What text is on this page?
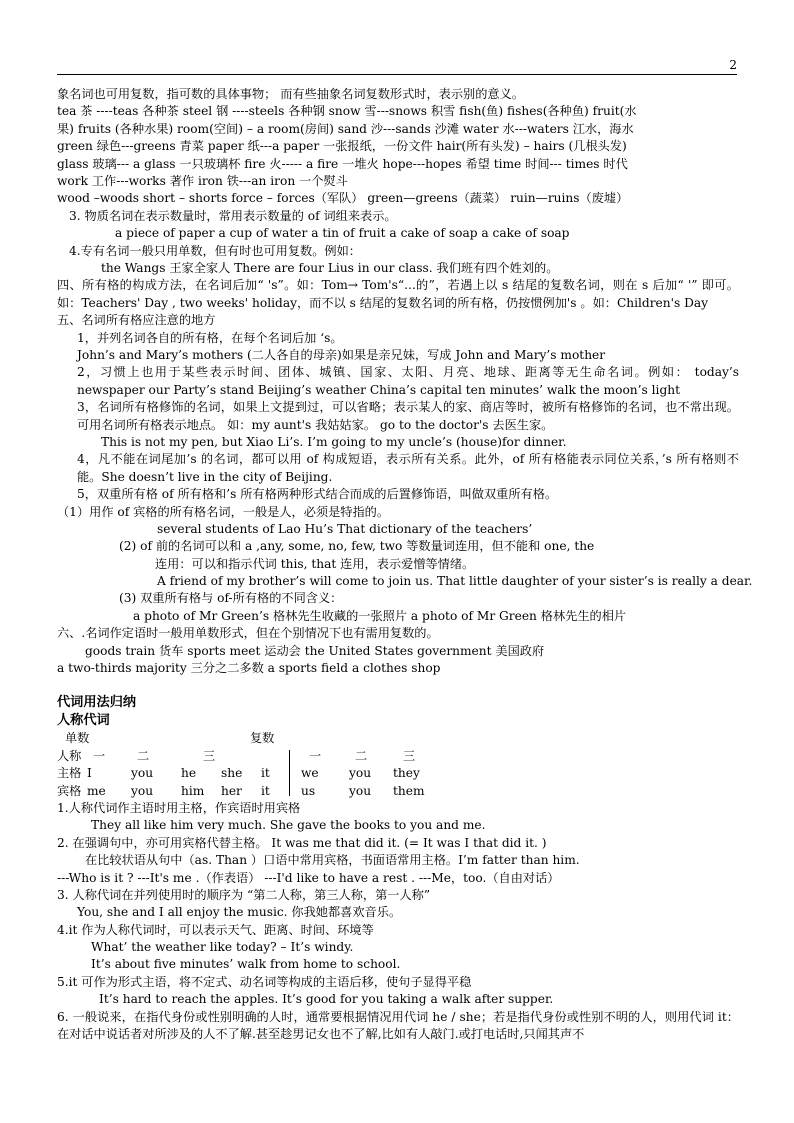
2
象名词也可用复数，指可数的具体事物； 而有些抽象名词复数形式时，表示别的意义。
tea 茶 ----teas 各种茶 steel 钢 ----steels 各种钢 snow 雪---snows 积雪 fish(鱼) fishes(各种鱼) fruit(水
果) fruits (各种水果) room(空间) – a room(房间) sand 沙---sands 沙滩 water 水---waters 江水，海水
green 绿色---greens 青菜 paper 纸---a paper 一张报纸，一份文件 hair(所有头发) – hairs (几根头发)
glass 玻璃--- a glass 一只玻璃杯 fire 火----- a fire 一堆火 hope---hopes 希望 time 时间--- times 时代
work 工作---works 著作 iron 铁---an iron 一个熨斗
wood –woods short – shorts force – forces（军队） green—greens（蔬菜） ruin—ruins（废墟）
3. 物质名词在表示数量时，常用表示数量的 of 词组来表示。
a piece of paper a cup of water a tin of fruit a cake of soap a cake of soap
4.专有名词一般只用单数，但有时也可用复数。例如：
the Wangs 王家全家人 There are four Lius in our class. 我们班有四个姓刘的。
四、所有格的构成方法，在名词后加“ 's”。如：Tom→ Tom's“...的”，若遇上以 s 结尾的复数名词，则在 s 后加“ '” 即可。如：Teachers' Day , two weeks' holiday，而不以 s 结尾的复数名词的所有格，仍按惯例加's 。如：Children's Day
五、名词所有格应注意的地方
1，并列名词各自的所有格，在每个名词后加 ‘s。
John’s and Mary’s mothers (二人各自的母亲)如果是亲兄妹，写成 John and Mary’s mother
2，习惯上也用于某些表示时间、团体、城镇、国家、太阳、月亮、地球、距离等无生命名词。例如： today’s newspaper our Party’s stand Beijing’s weather China’s capital ten minutes’ walk the moon’s light
3，名词所有格修饰的名词，如果上文提到过，可以省略；表示某人的家、商店等时，被所有格修饰的名词，也不常出现。可用名词所有格表示地点。 如：my aunt's 我姑姑家。 go to the doctor's 去医生家。
This is not my pen, but Xiao Li’s. I’m going to my uncle’s (house)for dinner.
4，凡不能在词尾加’s 的名词，都可以用 of 构成短语，表示所有关系。此外，of 所有格能表示同位关系，’s 所有格则不能。She doesn’t live in the city of Beijing.
5，双重所有格 of 所有格和’s 所有格两种形式结合而成的后置修饰语，叫做双重所有格。
（1）用作 of 宾格的所有格名词，一般是人，必须是特指的。
several students of Lao Hu’s That dictionary of the teachers’
(2) of 前的名词可以和 a ,any, some, no, few, two 等数量词连用，但不能和 one, the
连用：可以和指示代词 this, that 连用，表示爱憎等情绪。
A friend of my brother’s will come to join us. That little daughter of your sister’s is really a dear.
(3) 双重所有格与 of-所有格的不同含义：
a photo of Mr Green’s 格林先生收藏的一张照片 a photo of Mr Green 格林先生的相片
六、.名词作定语时一般用单数形式，但在个别情况下也有需用复数的。
goods train 货车 sports meet 运动会 the United States government 美国政府
a two-thirds majority 三分之二多数 a sports field a clothes shop
代词用法归纳
人称代词
单数	复数
人称 一	二	三	一	二	三
主格 I	you	he	she	it	we	you	they
宾格 me	you	him	her	it	us	you	them
1.人称代词作主语时用主格，作宾语时用宾格
They all like him very much. She gave the books to you and me.
2. 在强调句中，亦可用宾格代替主格。 It was me that did it. (= It was I that did it. )
在比较状语从句中（as. Than ）口语中常用宾格，书面语常用主格。I’m fatter than him.
---Who is it ? ---It's me .（作表语） ---I'd like to have a rest . ---Me，too.（自由对话）
3. 人称代词在并列使用时的顺序为 “第二人称，第三人称，第一人称”
You, she and I all enjoy the music. 你我她都喜欢音乐。
4.it 作为人称代词时，可以表示天气、距离、时间、环境等
What’ the weather like today? – It’s windy.
It’s about five minutes’ walk from home to school.
5.it 可作为形式主语，将不定式、动名词等构成的主语后移，使句子显得平稳
It’s hard to reach the apples. It’s good for you taking a walk after supper.
6. 一般说来，在指代身份或性别明确的人时，通常要根据情况用代词 he / she；若是指代身份或性别不明的人，则用代词 it：在对话中说话者对所涉及的人不了解.甚至趁男记女也不了解,比如有人敲门.或打电话时,只闻其声不
